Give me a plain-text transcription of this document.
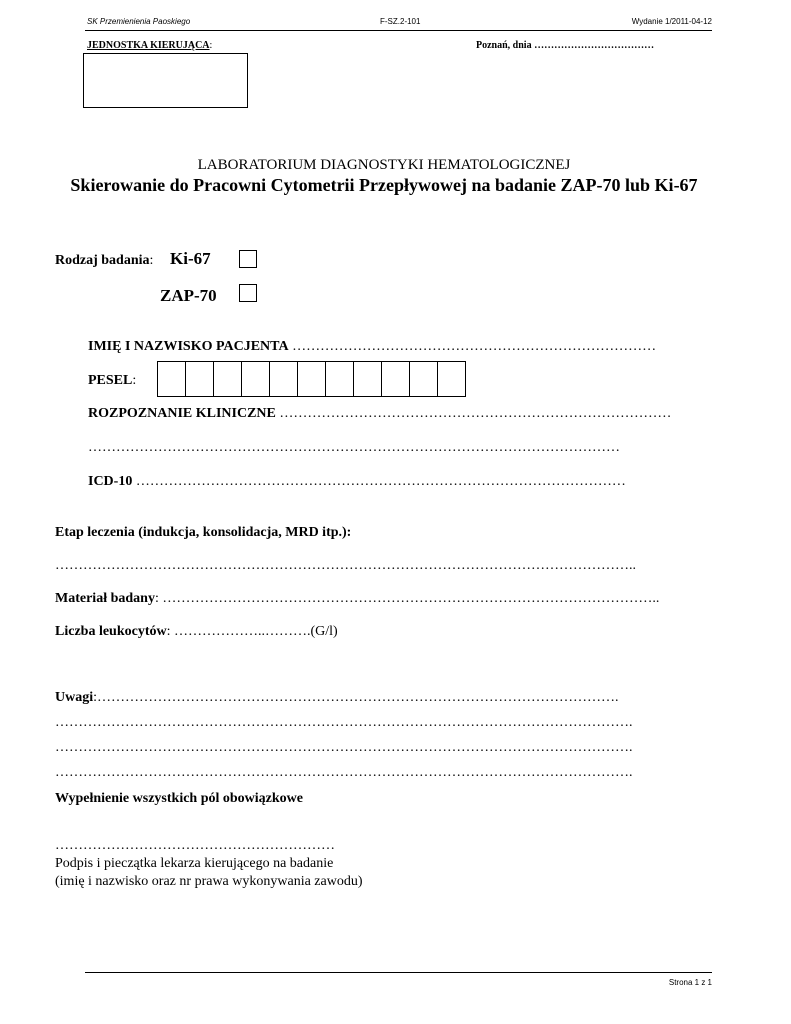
SK Przemienienia Paoskiego	F-SZ.2-101	Wydanie 1/2011-04-12
JEDNOSTKA KIERUJĄCA:	Poznań, dnia ………………………………
LABORATORIUM DIAGNOSTYKI HEMATOLOGICZNEJ
Skierowanie do Pracowni Cytometrii Przepływowej na badanie ZAP-70 lub Ki-67
Rodzaj badania: Ki-67
ZAP-70
IMIĘ I NAZWISKO PACJENTA ……………………………………………………………………
PESEL:
ROZPOZNANIE KLINICZNE …………………………………………………………………………
……………………………………………………………………………………………………
ICD-10 ……………………………………………………………………………………………
Etap leczenia (indukcja, konsolidacja, MRD itp.):
……………………………………………………………………………………………………………..
Materiał badany: ……………………………………………………………………………………………..
Liczba leukocytów: ………………..……….(G/l)
Uwagi:………………………………………………………………………………………………….
…………………………………………………………………………………………………………….
…………………………………………………………………………………………………………….
…………………………………………………………………………………………………………….
Wypełnienie wszystkich pól obowiązkowe
……………………………………………………
Podpis i pieczątka lekarza kierującego na badanie
(imię i nazwisko oraz nr prawa wykonywania zawodu)
Strona 1 z 1
